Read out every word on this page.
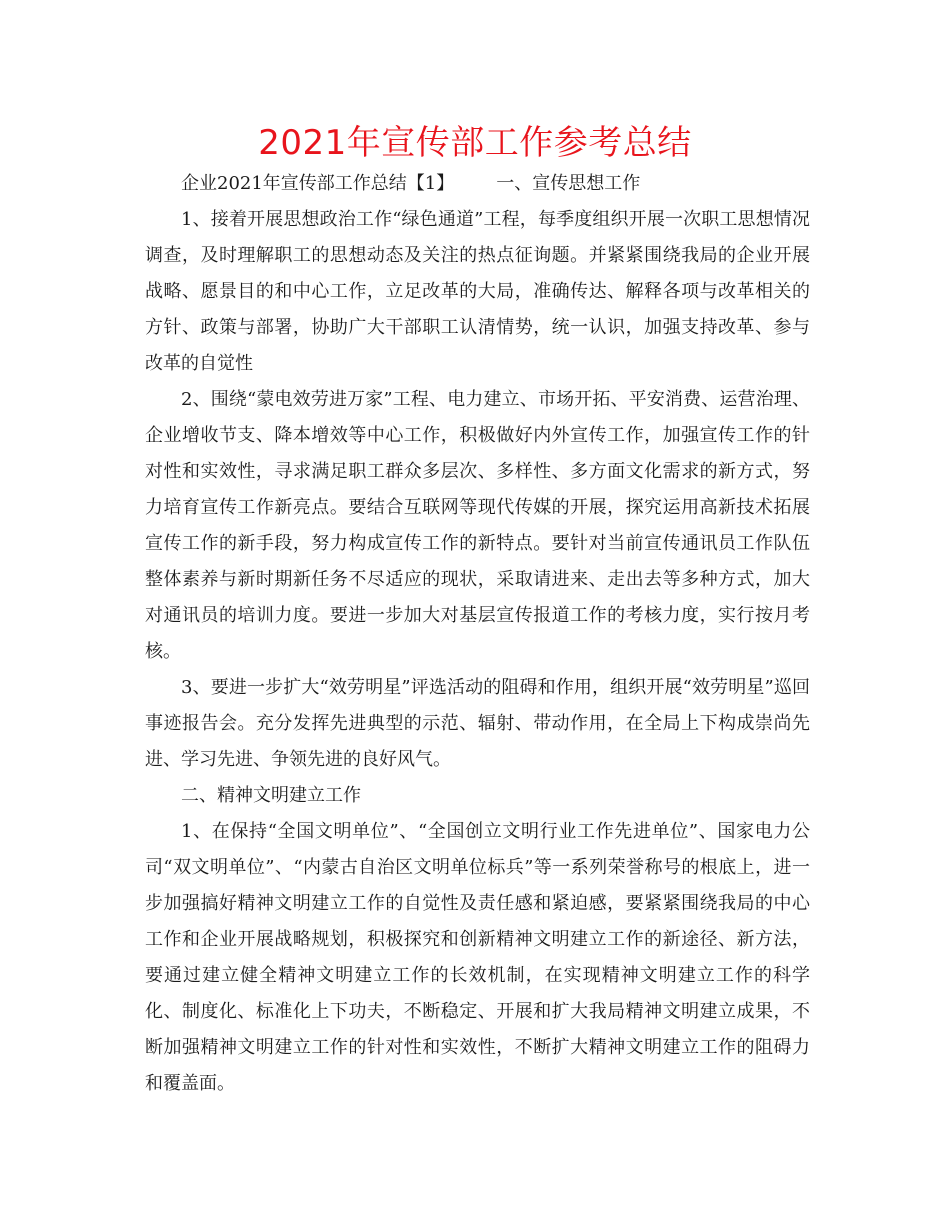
2021年宣传部工作参考总结

企业2021年宣传部工作总结【1】 一、宣传思想工作

1、接着开展思想政治工作“绿色通道”工程，每季度组织开展一次职工思想情况调查，及时理解职工的思想动态及关注的热点征询题。并紧紧围绕我局的企业开展战略、愿景目的和中心工作，立足改革的大局，准确传达、解释各项与改革相关的方针、政策与部署，协助广大干部职工认清情势，统一认识，加强支持改革、参与改革的自觉性

2、围绕“蒙电效劳进万家”工程、电力建立、市场开拓、平安消费、运营治理、企业增收节支、降本增效等中心工作，积极做好内外宣传工作，加强宣传工作的针对性和实效性，寻求满足职工群众多层次、多样性、多方面文化需求的新方式，努力培育宣传工作新亮点。要结合互联网等现代传媒的开展，探究运用高新技术拓展宣传工作的新手段，努力构成宣传工作的新特点。要针对当前宣传通讯员工作队伍整体素养与新时期新任务不尽适应的现状，采取请进来、走出去等多种方式，加大对通讯员的培训力度。要进一步加大对基层宣传报道工作的考核力度，实行按月考核。

3、要进一步扩大“效劳明星”评选活动的阻碍和作用，组织开展“效劳明星”巡回事迹报告会。充分发挥先进典型的示范、辐射、带动作用，在全局上下构成崇尚先进、学习先进、争领先进的良好风气。

二、精神文明建立工作

1、在保持“全国文明单位”、“全国创立文明行业工作先进单位”、国家电力公司“双文明单位”、“内蒙古自治区文明单位标兵”等一系列荣誉称号的根底上，进一步加强搞好精神文明建立工作的自觉性及责任感和紧迫感，要紧紧围绕我局的中心工作和企业开展战略规划，积极探究和创新精神文明建立工作的新途径、新方法，要通过建立健全精神文明建立工作的长效机制，在实现精神文明建立工作的科学化、制度化、标准化上下功夫，不断稳定、开展和扩大我局精神文明建立成果，不断加强精神文明建立工作的针对性和实效性，不断扩大精神文明建立工作的阻碍力和覆盖面。
